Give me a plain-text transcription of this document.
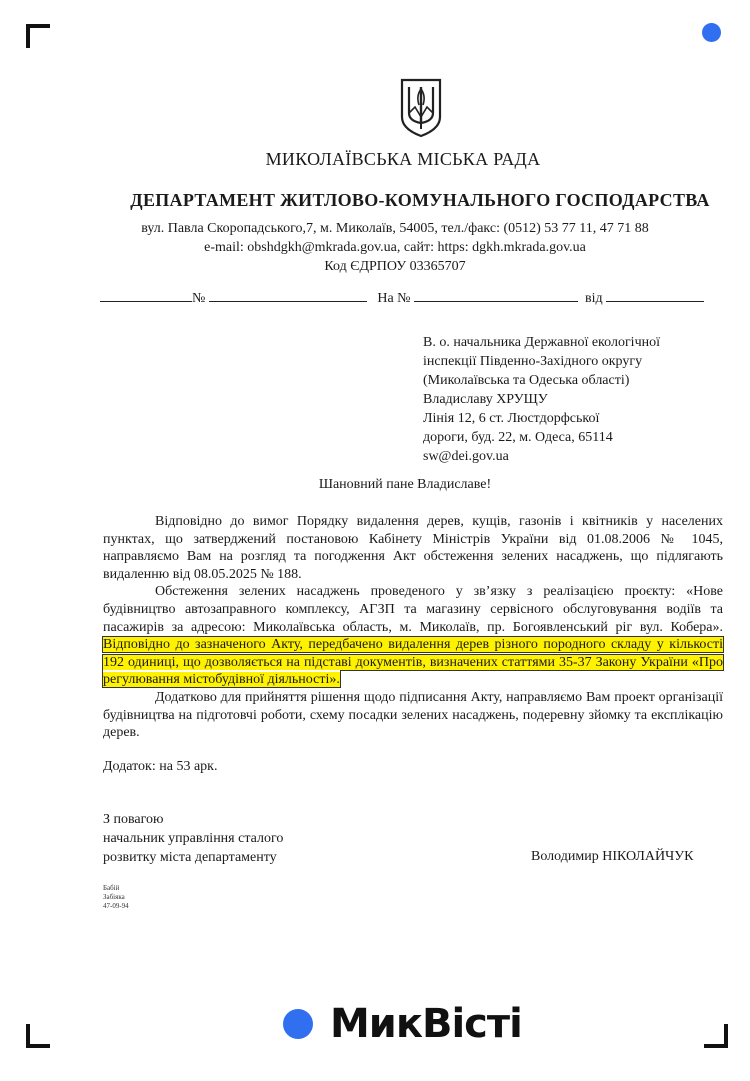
МИКОЛАЇВСЬКА МІСЬКА РАДА
ДЕПАРТАМЕНТ ЖИТЛОВО-КОМУНАЛЬНОГО ГОСПОДАРСТВА
вул. Павла Скоропадського,7, м. Миколаїв, 54005, тел./факс: (0512) 53 77 11, 47 71 88
e-mail: obshdgkh@mkrada.gov.ua, сайт: https: dgkh.mkrada.gov.ua
Код ЄДРПОУ 03365707
№	На №	від
В. о. начальника Державної екологічної
інспекції Південно-Західного округу
(Миколаївська та Одеська області)
Владиславу ХРУЩУ
Лінія 12, 6 ст. Люстдорфської
дороги, буд. 22, м. Одеса, 65114
sw@dei.gov.ua
Шановний пане Владиславе!

Відповідно до вимог Порядку видалення дерев, кущів, газонів і квітників у населених пунктах, що затверджений постановою Кабінету Міністрів України від 01.08.2006 № 1045, направляємо Вам на розгляд та погодження Акт обстеження зелених насаджень, що підлягають видаленню від 08.05.2025 № 188.

Обстеження зелених насаджень проведеного у зв’язку з реалізацією проєкту: «Нове будівництво автозаправного комплексу, АГЗП та магазину сервісного обслуговування водіїв та пасажирів за адресою: Миколаївська область, м. Миколаїв, пр. Богоявленський ріг вул. Кобера». Відповідно до зазначеного Акту, передбачено видалення дерев різного породного складу у кількості 192 одиниці, що дозволяється на підставі документів, визначених статтями 35-37 Закону України «Про регулювання містобудівної діяльності».

Додатково для прийняття рішення щодо підписання Акту, направляємо Вам проект організації будівництва на підготовчі роботи, схему посадки зелених насаджень, подеревну зйомку та експлікацію дерев.

Додаток: на 53 арк.
З повагою
начальник управління сталого
розвитку міста департаменту	Володимир НІКОЛАЙЧУК
Бабій
Забіяка
47-09-94
МикВісті
